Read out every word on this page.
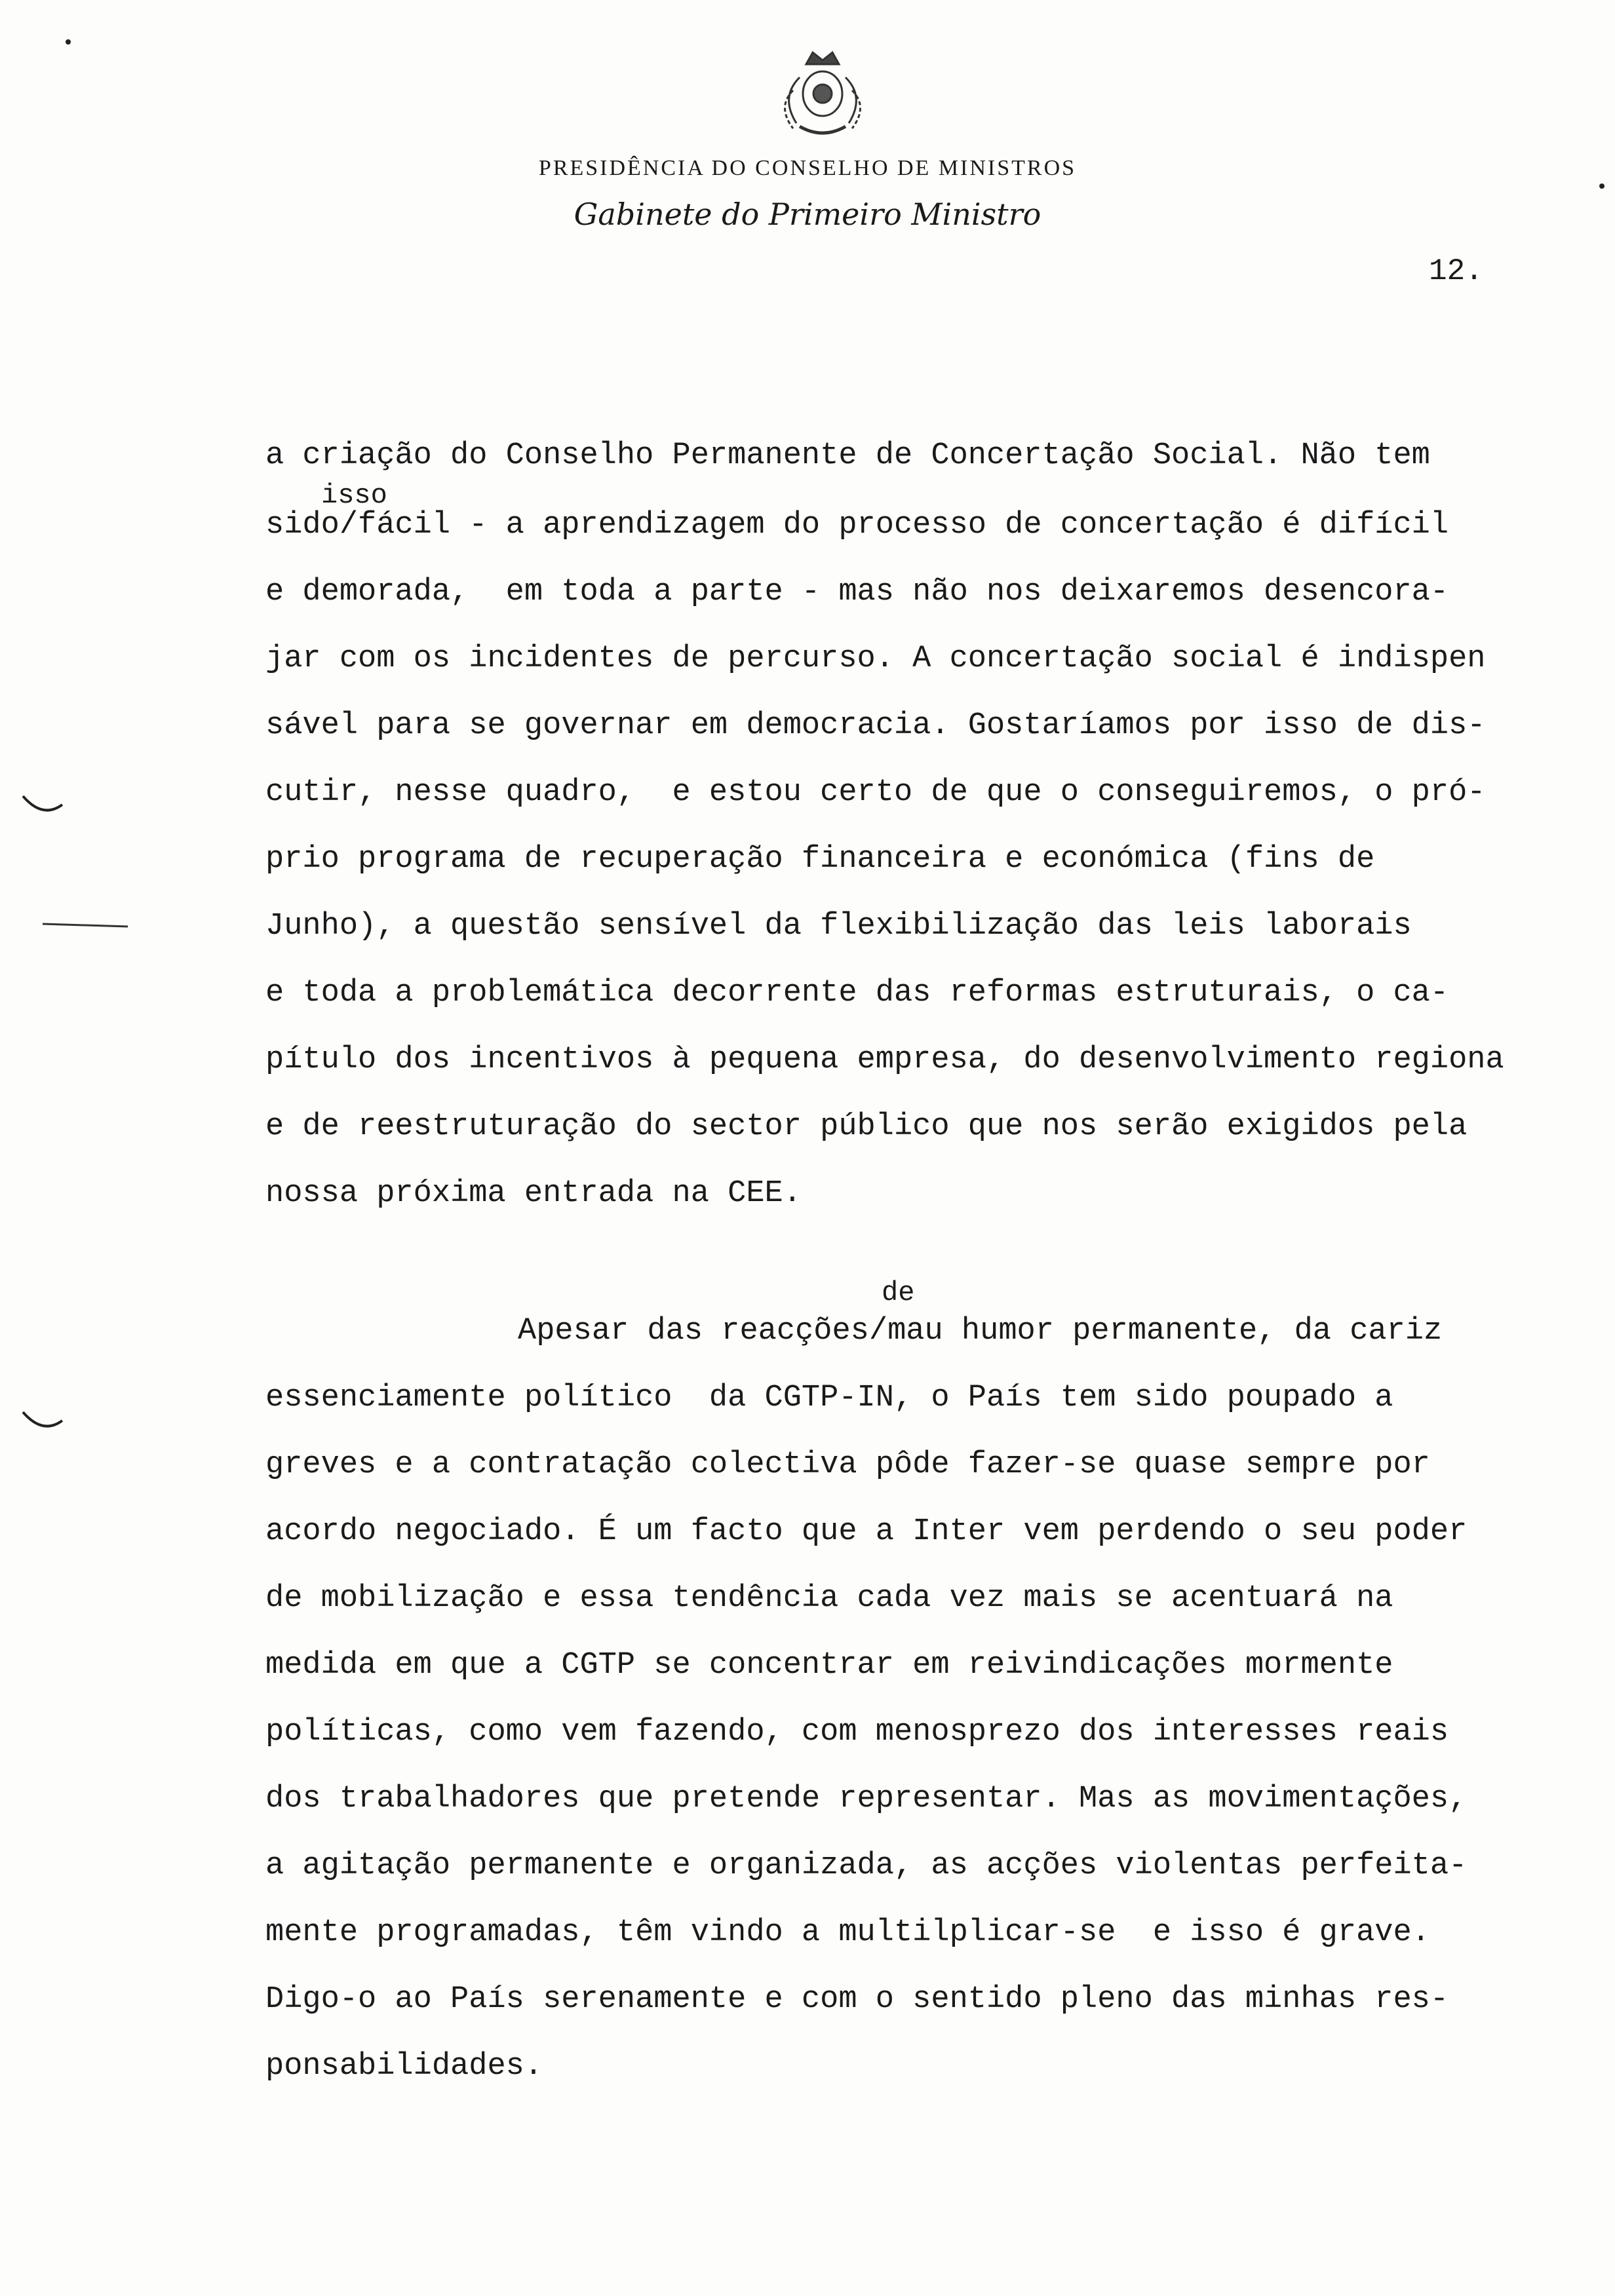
PRESIDÊNCIA DO CONSELHO DE MINISTROS
Gabinete do Primeiro Ministro
12.
a criação do Conselho Permanente de Concertação Social. Não tem
isso
sido/fácil - a aprendizagem do processo de concertação é difícil
e demorada,  em toda a parte - mas não nos deixaremos desencora-
jar com os incidentes de percurso. A concertação social é indispen
sável para se governar em democracia. Gostaríamos por isso de dis-
cutir, nesse quadro,  e estou certo de que o conseguiremos, o pró-
prio programa de recuperação financeira e económica (fins de
Junho), a questão sensível da flexibilização das leis laborais
e toda a problemática decorrente das reformas estruturais, o ca-
pítulo dos incentivos à pequena empresa, do desenvolvimento regiona
e de reestruturação do sector público que nos serão exigidos pela
nossa próxima entrada na CEE.
de
Apesar das reacções/mau humor permanente, da cariz
essenciamente político  da CGTP-IN, o País tem sido poupado a
greves e a contratação colectiva pôde fazer-se quase sempre por
acordo negociado. É um facto que a Inter vem perdendo o seu poder
de mobilização e essa tendência cada vez mais se acentuará na
medida em que a CGTP se concentrar em reivindicações mormente
políticas, como vem fazendo, com menosprezo dos interesses reais
dos trabalhadores que pretende representar. Mas as movimentações,
a agitação permanente e organizada, as acções violentas perfeita-
mente programadas, têm vindo a multilplicar-se  e isso é grave.
Digo-o ao País serenamente e com o sentido pleno das minhas res-
ponsabilidades.
